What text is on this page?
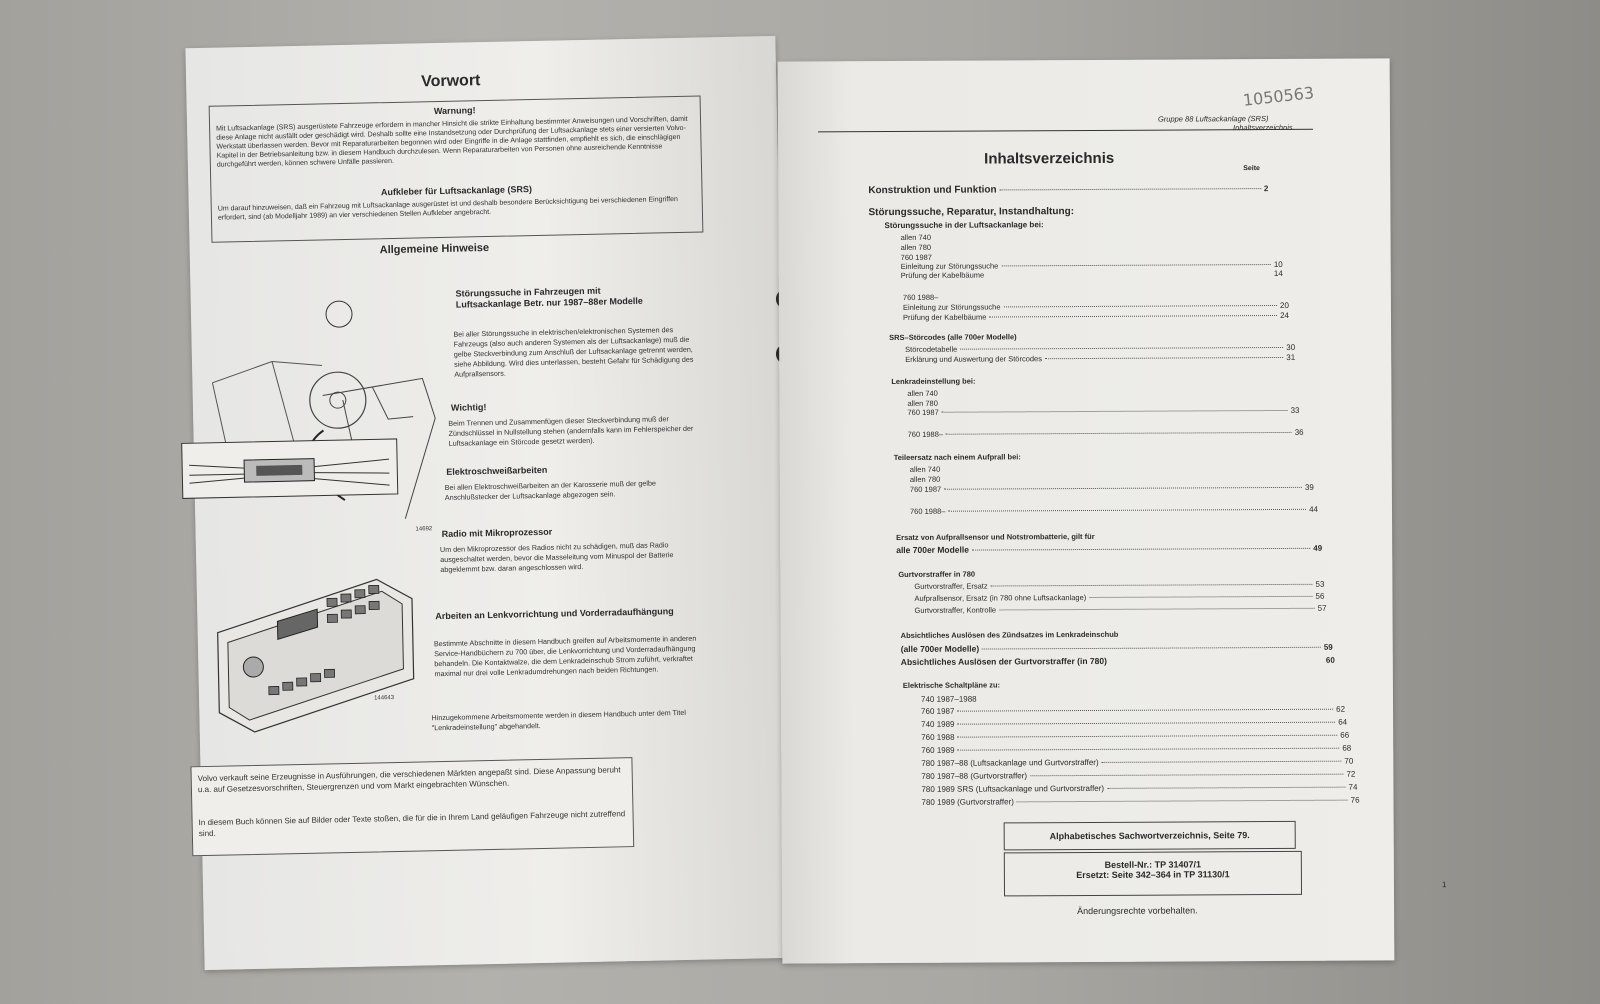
Vorwort
Warnung!
Mit Luftsackanlage (SRS) ausgerüstete Fahrzeuge erfordern in mancher Hinsicht die strikte Einhaltung bestimmter Anweisungen und Vorschriften, damit diese Anlage nicht ausfällt oder geschädigt wird. Deshalb sollte eine Instandsetzung oder Durchprüfung der Luftsackanlage stets einer versierten Volvo-Werkstatt überlassen werden. Bevor mit Reparaturarbeiten begonnen wird oder Eingriffe in die Anlage stattfinden, empfiehlt es sich, die einschlägigen Kapitel in der Betriebsanleitung bzw. in diesem Handbuch durchzulesen. Wenn Reparaturarbeiten von Personen ohne ausreichende Kenntnisse durchgeführt werden, können schwere Unfälle passieren.
Aufkleber für Luftsackanlage (SRS)
Um darauf hinzuweisen, daß ein Fahrzeug mit Luftsackanlage ausgerüstet ist und deshalb besondere Berücksichtigung bei verschiedenen Eingriffen erfordert, sind (ab Modelljahr 1989) an vier verschiedenen Stellen Aufkleber angebracht.
Allgemeine Hinweise
14692
144643
Störungssuche in Fahrzeugen mit Luftsackanlage Betr. nur 1987–88er Modelle
Bei aller Störungssuche in elektrischen/elektronischen Systemen des Fahrzeugs (also auch anderen Systemen als der Luftsackanlage) muß die gelbe Steckverbindung zum Anschluß der Luftsackanlage getrennt werden, siehe Abbildung. Wird dies unterlassen, besteht Gefahr für Schädigung des Aufprallsensors.
Wichtig!
Beim Trennen und Zusammenfügen dieser Steckverbindung muß der Zündschlüssel in Nullstellung stehen (andernfalls kann im Fehlerspeicher der Luftsackanlage ein Störcode gesetzt werden).
Elektroschweißarbeiten
Bei allen Elektroschweißarbeiten an der Karosserie muß der gelbe Anschlußstecker der Luftsackanlage abgezogen sein.
Radio mit Mikroprozessor
Um den Mikroprozessor des Radios nicht zu schädigen, muß das Radio ausgeschaltet werden, bevor die Masseleitung vom Minuspol der Batterie abgeklemmt bzw. daran angeschlossen wird.
Arbeiten an Lenkvorrichtung und Vorderradaufhängung
Bestimmte Abschnitte in diesem Handbuch greifen auf Arbeitsmomente in anderen Service-Handbüchern zu 700 über, die Lenkvorrichtung und Vorderradaufhängung behandeln. Die Kontaktwalze, die dem Lenkradeinschub Strom zuführt, verkraftet maximal nur drei volle Lenkradumdrehungen nach beiden Richtungen.
Hinzugekommene Arbeitsmomente werden in diesem Handbuch unter dem Titel "Lenkradeinstellung" abgehandelt.
Volvo verkauft seine Erzeugnisse in Ausführungen, die verschiedenen Märkten angepaßt sind. Diese Anpassung beruht u.a. auf Gesetzesvorschriften, Steuergrenzen und vom Markt eingebrachten Wünschen.
In diesem Buch können Sie auf Bilder oder Texte stoßen, die für die in Ihrem Land geläufigen Fahrzeuge nicht zutreffend sind.
1050563
Gruppe 88 Luftsackanlage (SRS)
Inhaltsverzeichnis
Inhaltsverzeichnis
Seite
Konstruktion und Funktion	2
Störungssuche, Reparatur, Instandhaltung:
Störungssuche in der Luftsackanlage bei:
allen 740
allen 780
760 1987
Einleitung zur Störungssuche	10
Prüfung der Kabelbäume	14
760 1988–
Einleitung zur Störungssuche	20
Prüfung der Kabelbäume	24
SRS–Störcodes (alle 700er Modelle)
Störcodetabelle	30
Erklärung und Auswertung der Störcodes	31
Lenkradeinstellung bei:
allen 740
allen 780
760 1987	33
760 1988–	36
Teileersatz nach einem Aufprall bei:
allen 740
allen 780
760 1987	39
760 1988–	44
Ersatz von Aufprallsensor und Notstrombatterie, gilt für
alle 700er Modelle	49
Gurtvorstraffer in 780
Gurtvorstraffer, Ersatz	53
Aufprallsensor, Ersatz (in 780 ohne Luftsackanlage)	56
Gurtvorstraffer, Kontrolle	57
Absichtliches Auslösen des Zündsatzes im Lenkradeinschub
(alle 700er Modelle)	59
Absichtliches Auslösen der Gurtvorstraffer (in 780)	60
Elektrische Schaltpläne zu:
740 1987–1988
760 1987	62
740 1989	64
760 1988	66
760 1989	68
780 1987–88 (Luftsackanlage und Gurtvorstraffer)	70
780 1987–88 (Gurtvorstraffer)	72
780 1989 SRS (Luftsackanlage und Gurtvorstraffer)	74
780 1989 (Gurtvorstraffer)	76
Alphabetisches Sachwortverzeichnis, Seite 79.
Bestell-Nr.: TP 31407/1
Ersetzt: Seite 342–364 in TP 31130/1
Änderungsrechte vorbehalten.
1
